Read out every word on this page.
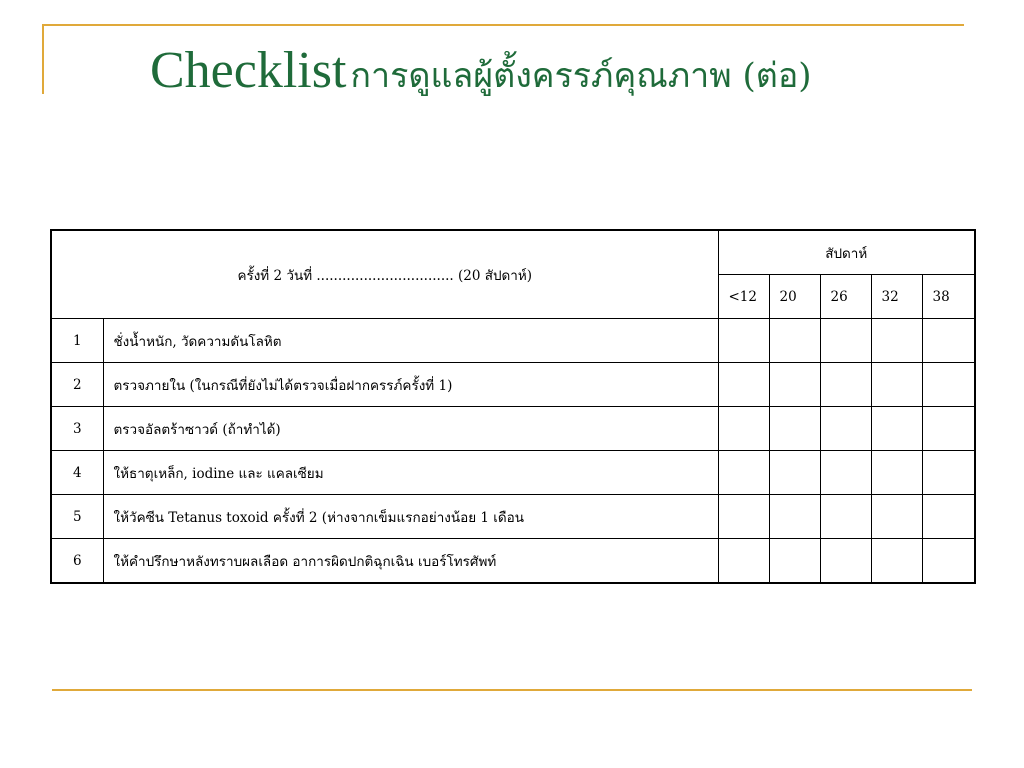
Checklist การดูแลผู้ตั้งครรภ์คุณภาพ (ต่อ)
ครั้งที่ 2 วันที่ ................................ (20 สัปดาห์)		สัปดาห์				
		<12	20	26	32	38
1	ชั่งน้ำหนัก, วัดความดันโลหิต					
2	ตรวจภายใน (ในกรณีที่ยังไม่ได้ตรวจเมื่อฝากครรภ์ครั้งที่ 1)					
3	ตรวจอัลตร้าซาวด์ (ถ้าทำได้)					
4	ให้ธาตุเหล็ก, iodine และ แคลเซียม					
5	ให้วัคซีน Tetanus toxoid ครั้งที่ 2 (ห่างจากเข็มแรกอย่างน้อย 1 เดือน					
6	ให้คำปรึกษาหลังทราบผลเลือด อาการผิดปกติฉุกเฉิน เบอร์โทรศัพท์					
